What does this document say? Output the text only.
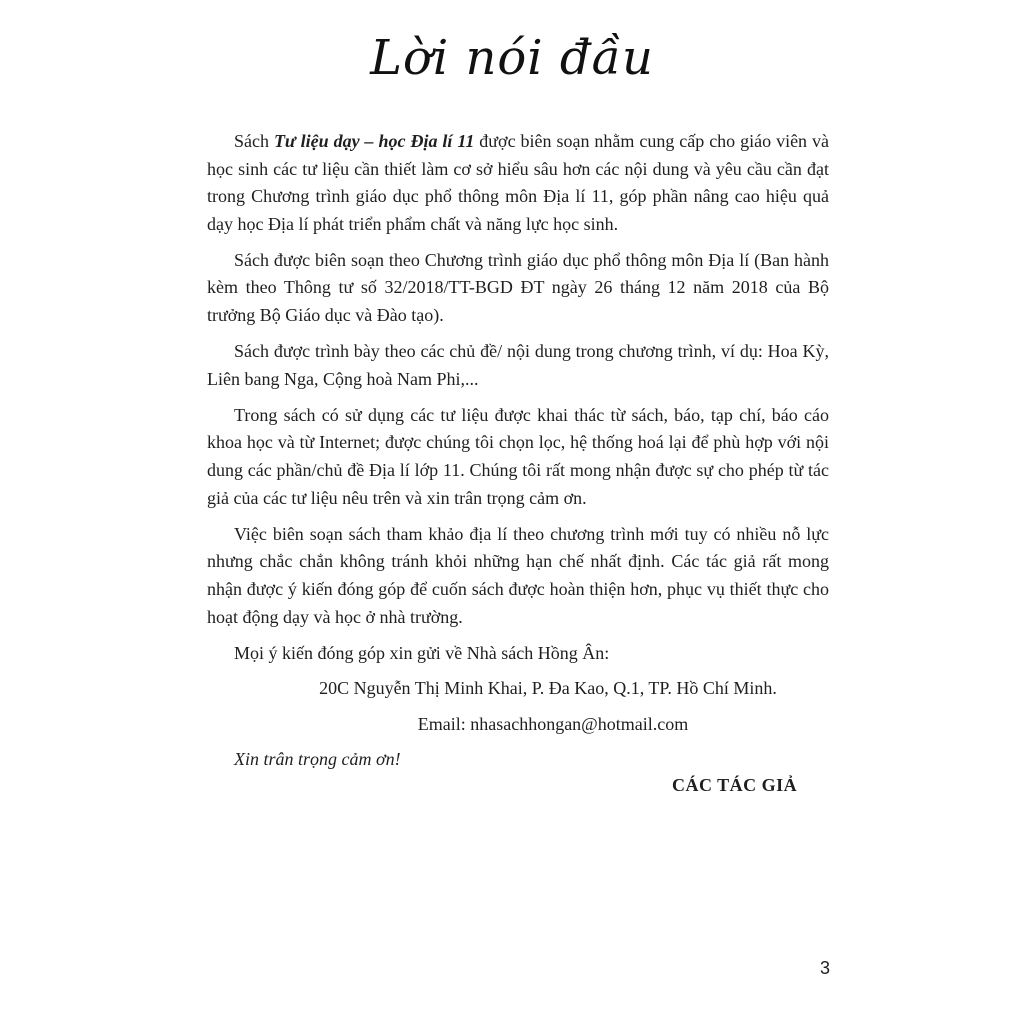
Lời nói đầu

Sách Tư liệu dạy – học Địa lí 11 được biên soạn nhằm cung cấp cho giáo viên và học sinh các tư liệu cần thiết làm cơ sở hiểu sâu hơn các nội dung và yêu cầu cần đạt trong Chương trình giáo dục phổ thông môn Địa lí 11, góp phần nâng cao hiệu quả dạy học Địa lí phát triển phẩm chất và năng lực học sinh.

Sách được biên soạn theo Chương trình giáo dục phổ thông môn Địa lí (Ban hành kèm theo Thông tư số 32/2018/TT-BGD ĐT ngày 26 tháng 12 năm 2018 của Bộ trưởng Bộ Giáo dục và Đào tạo).

Sách được trình bày theo các chủ đề/ nội dung trong chương trình, ví dụ: Hoa Kỳ, Liên bang Nga, Cộng hoà Nam Phi,...

Trong sách có sử dụng các tư liệu được khai thác từ sách, báo, tạp chí, báo cáo khoa học và từ Internet; được chúng tôi chọn lọc, hệ thống hoá lại để phù hợp với nội dung các phần/chủ đề Địa lí lớp 11. Chúng tôi rất mong nhận được sự cho phép từ tác giả của các tư liệu nêu trên và xin trân trọng cảm ơn.

Việc biên soạn sách tham khảo địa lí theo chương trình mới tuy có nhiều nỗ lực nhưng chắc chắn không tránh khỏi những hạn chế nhất định. Các tác giả rất mong nhận được ý kiến đóng góp để cuốn sách được hoàn thiện hơn, phục vụ thiết thực cho hoạt động dạy và học ở nhà trường.

Mọi ý kiến đóng góp xin gửi về Nhà sách Hồng Ân:
20C Nguyễn Thị Minh Khai, P. Đa Kao, Q.1, TP. Hồ Chí Minh.
Email: nhasachhongan@hotmail.com
Xin trân trọng cảm ơn!
CÁC TÁC GIẢ
3
